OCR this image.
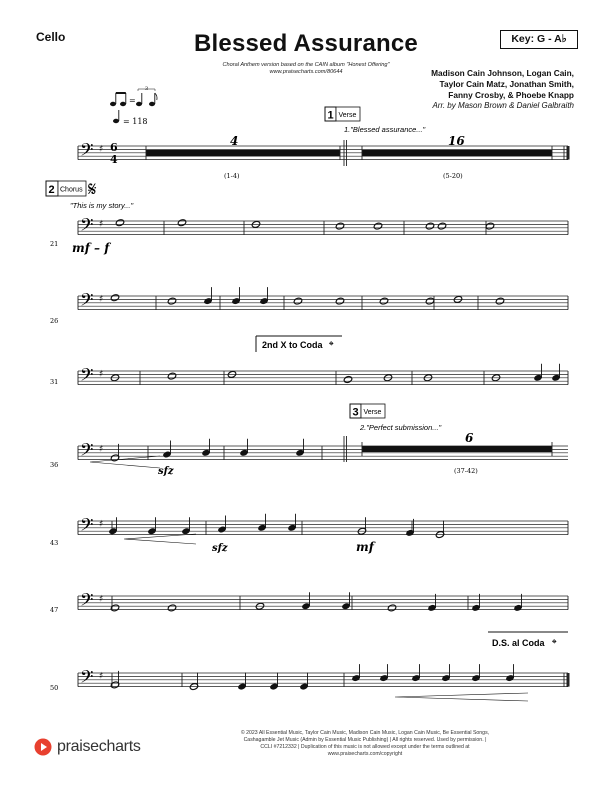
Cello	Blessed Assurance
Choral Anthem version based on the CAIN album "Honest Offering"
www.praisecharts.com/80644
Key: G - A♭
Madison Cain Johnson, Logan Cain,
Taylor Cain Matz, Jonathan Smith,
Fanny Crosby, & Phoebe Knapp
Arr. by Mason Brown & Daniel Galbraith
=
3
= 118
♯
𝄢 ♯
𝄢 ♯
𝄢 ♯
𝄢 ♯
𝄢 ♯
𝄢 ♯
𝄢 ♯
𝄢 6
4
4
(1-4)
16
(5-20)
1 Verse
1."Blessed assurance..."
2 Chorus 𝄋
"This is my story..."
21 mf – f
26
2nd X to Coda 𝄌
31
3 Verse
2."Perfect submission..."
36
sfz
6
(37-42)
43	sfz	mf
47
D.S. al Coda 𝄌
50
praisecharts
© 2023 All Essential Music, Taylor Cain Music, Madison Cain Music, Logan Cain Music, Be Essential Songs,
Cashagamble Jet Music (Admin by Essential Music Publishing) | All rights reserved. Used by permission. |
CCLI #7212332 | Duplication of this music is not allowed except under the terms outlined at
www.praisecharts.com/copyright
